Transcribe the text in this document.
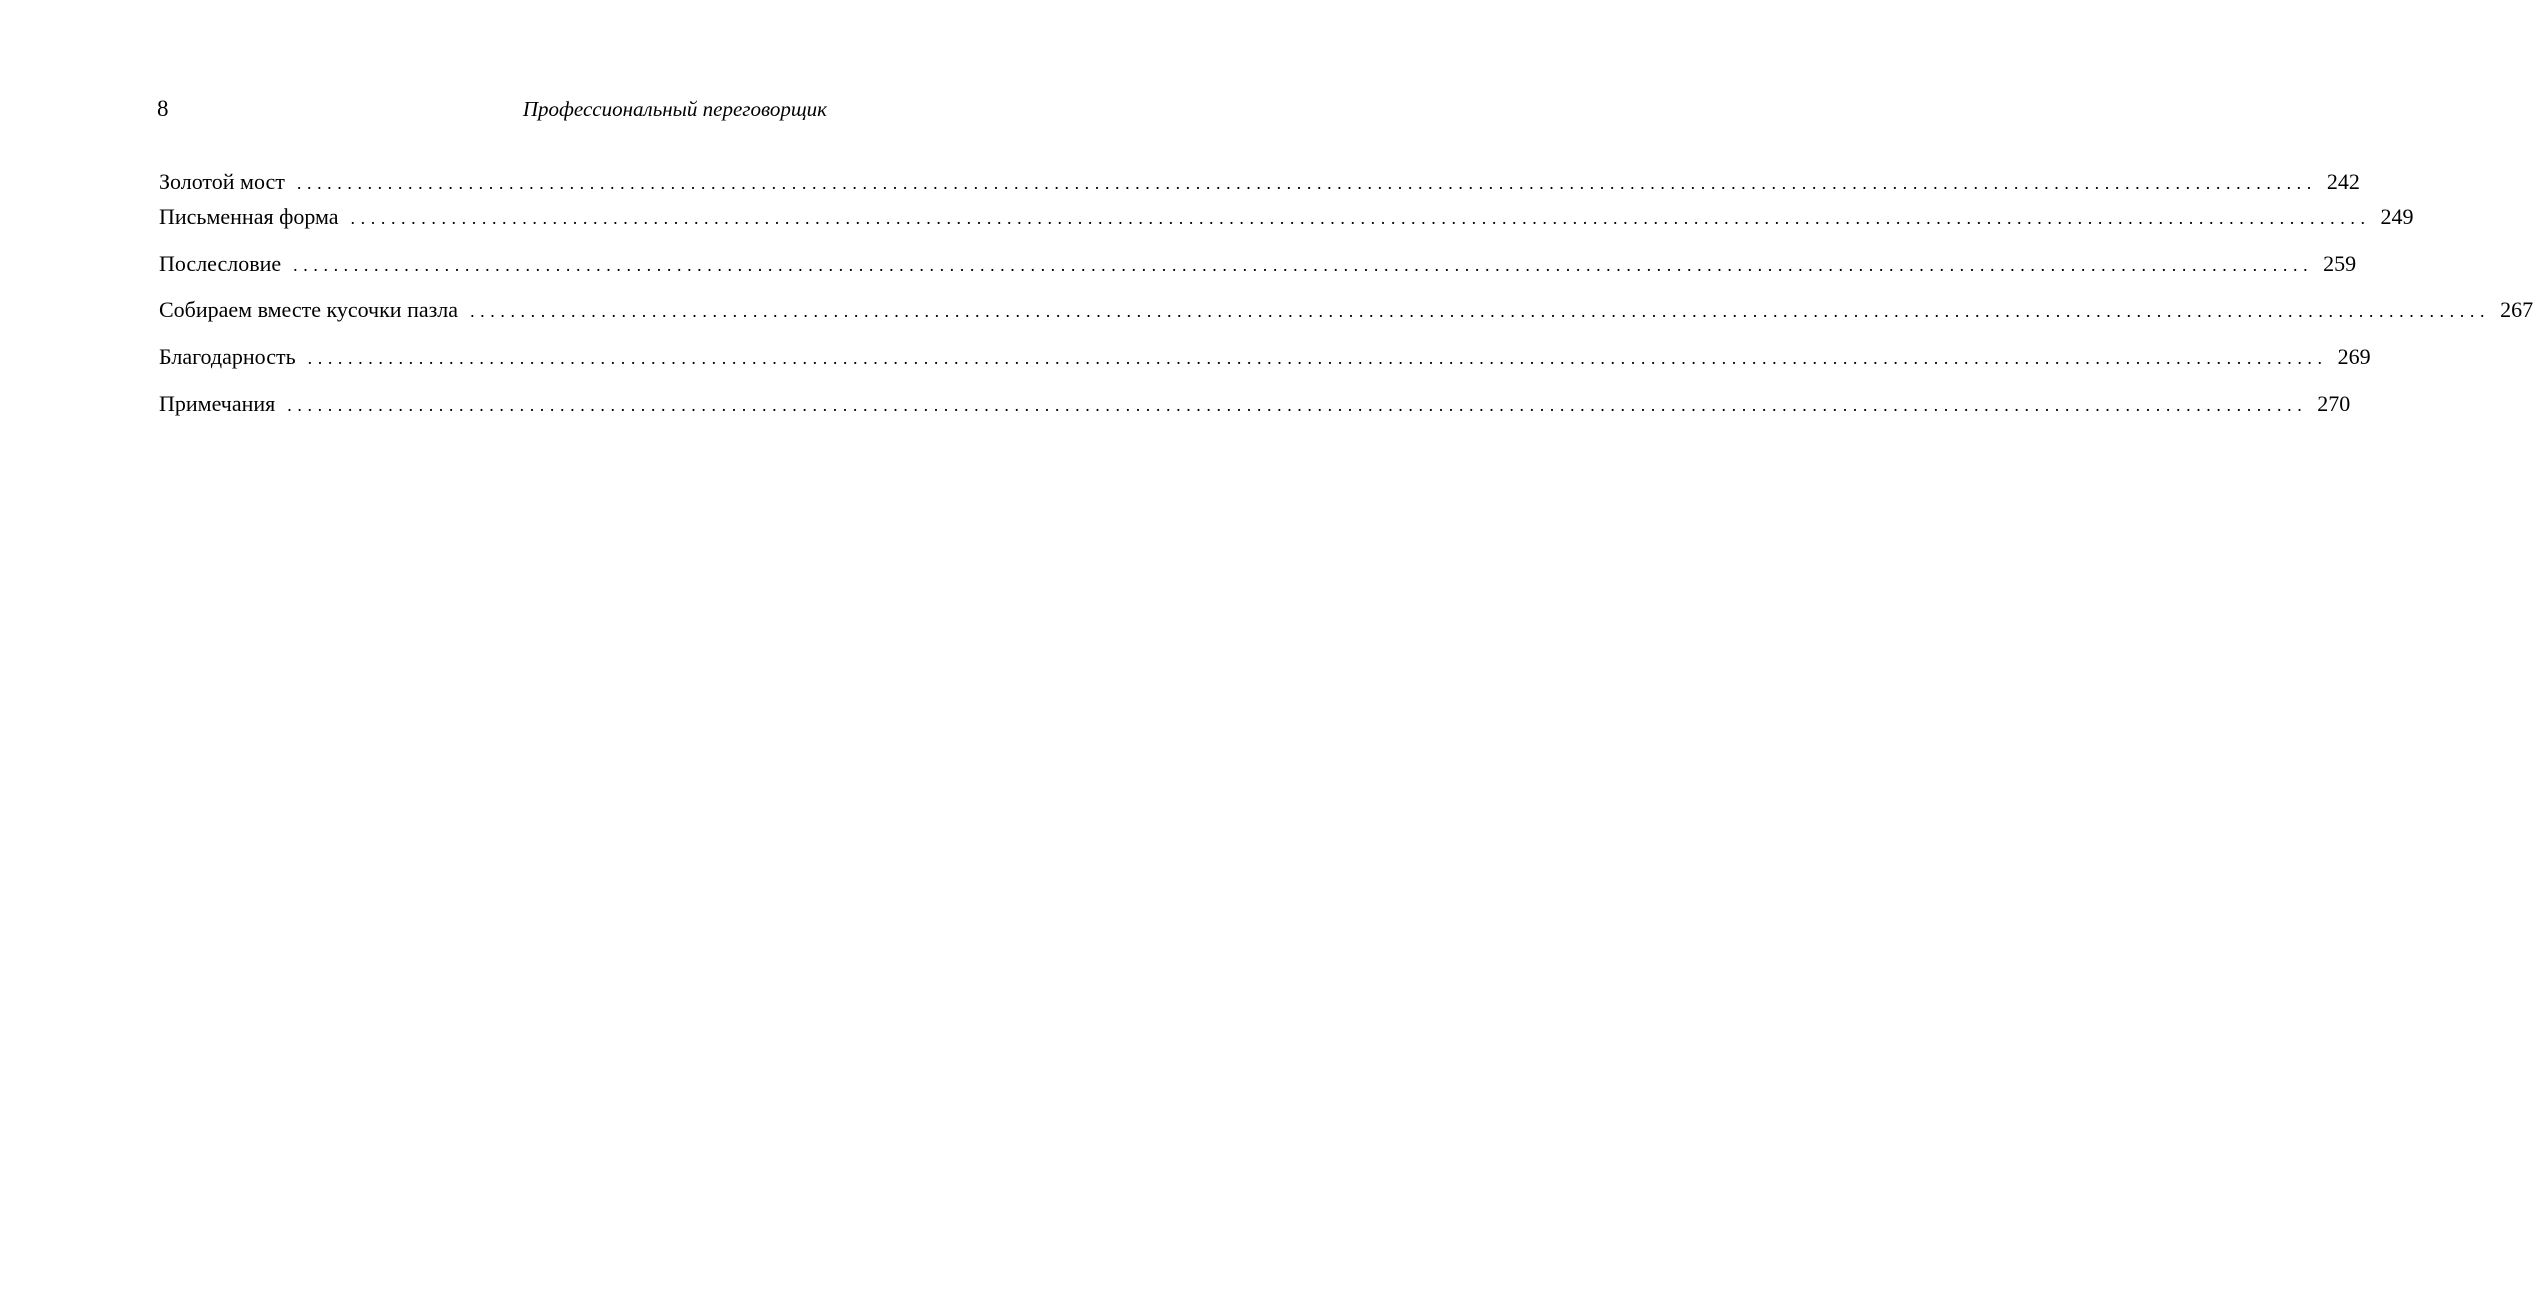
8	Профессиональный переговорщик
Золотой мост ........................................................................................................................................................................................................ 242
Письменная форма ........................................................................................................................................................................................................ 249
Послесловие ........................................................................................................................................................................................................ 259
Собираем вместе кусочки пазла ........................................................................................................................................................................................................ 267
Благодарность ........................................................................................................................................................................................................ 269
Примечания ........................................................................................................................................................................................................ 270
